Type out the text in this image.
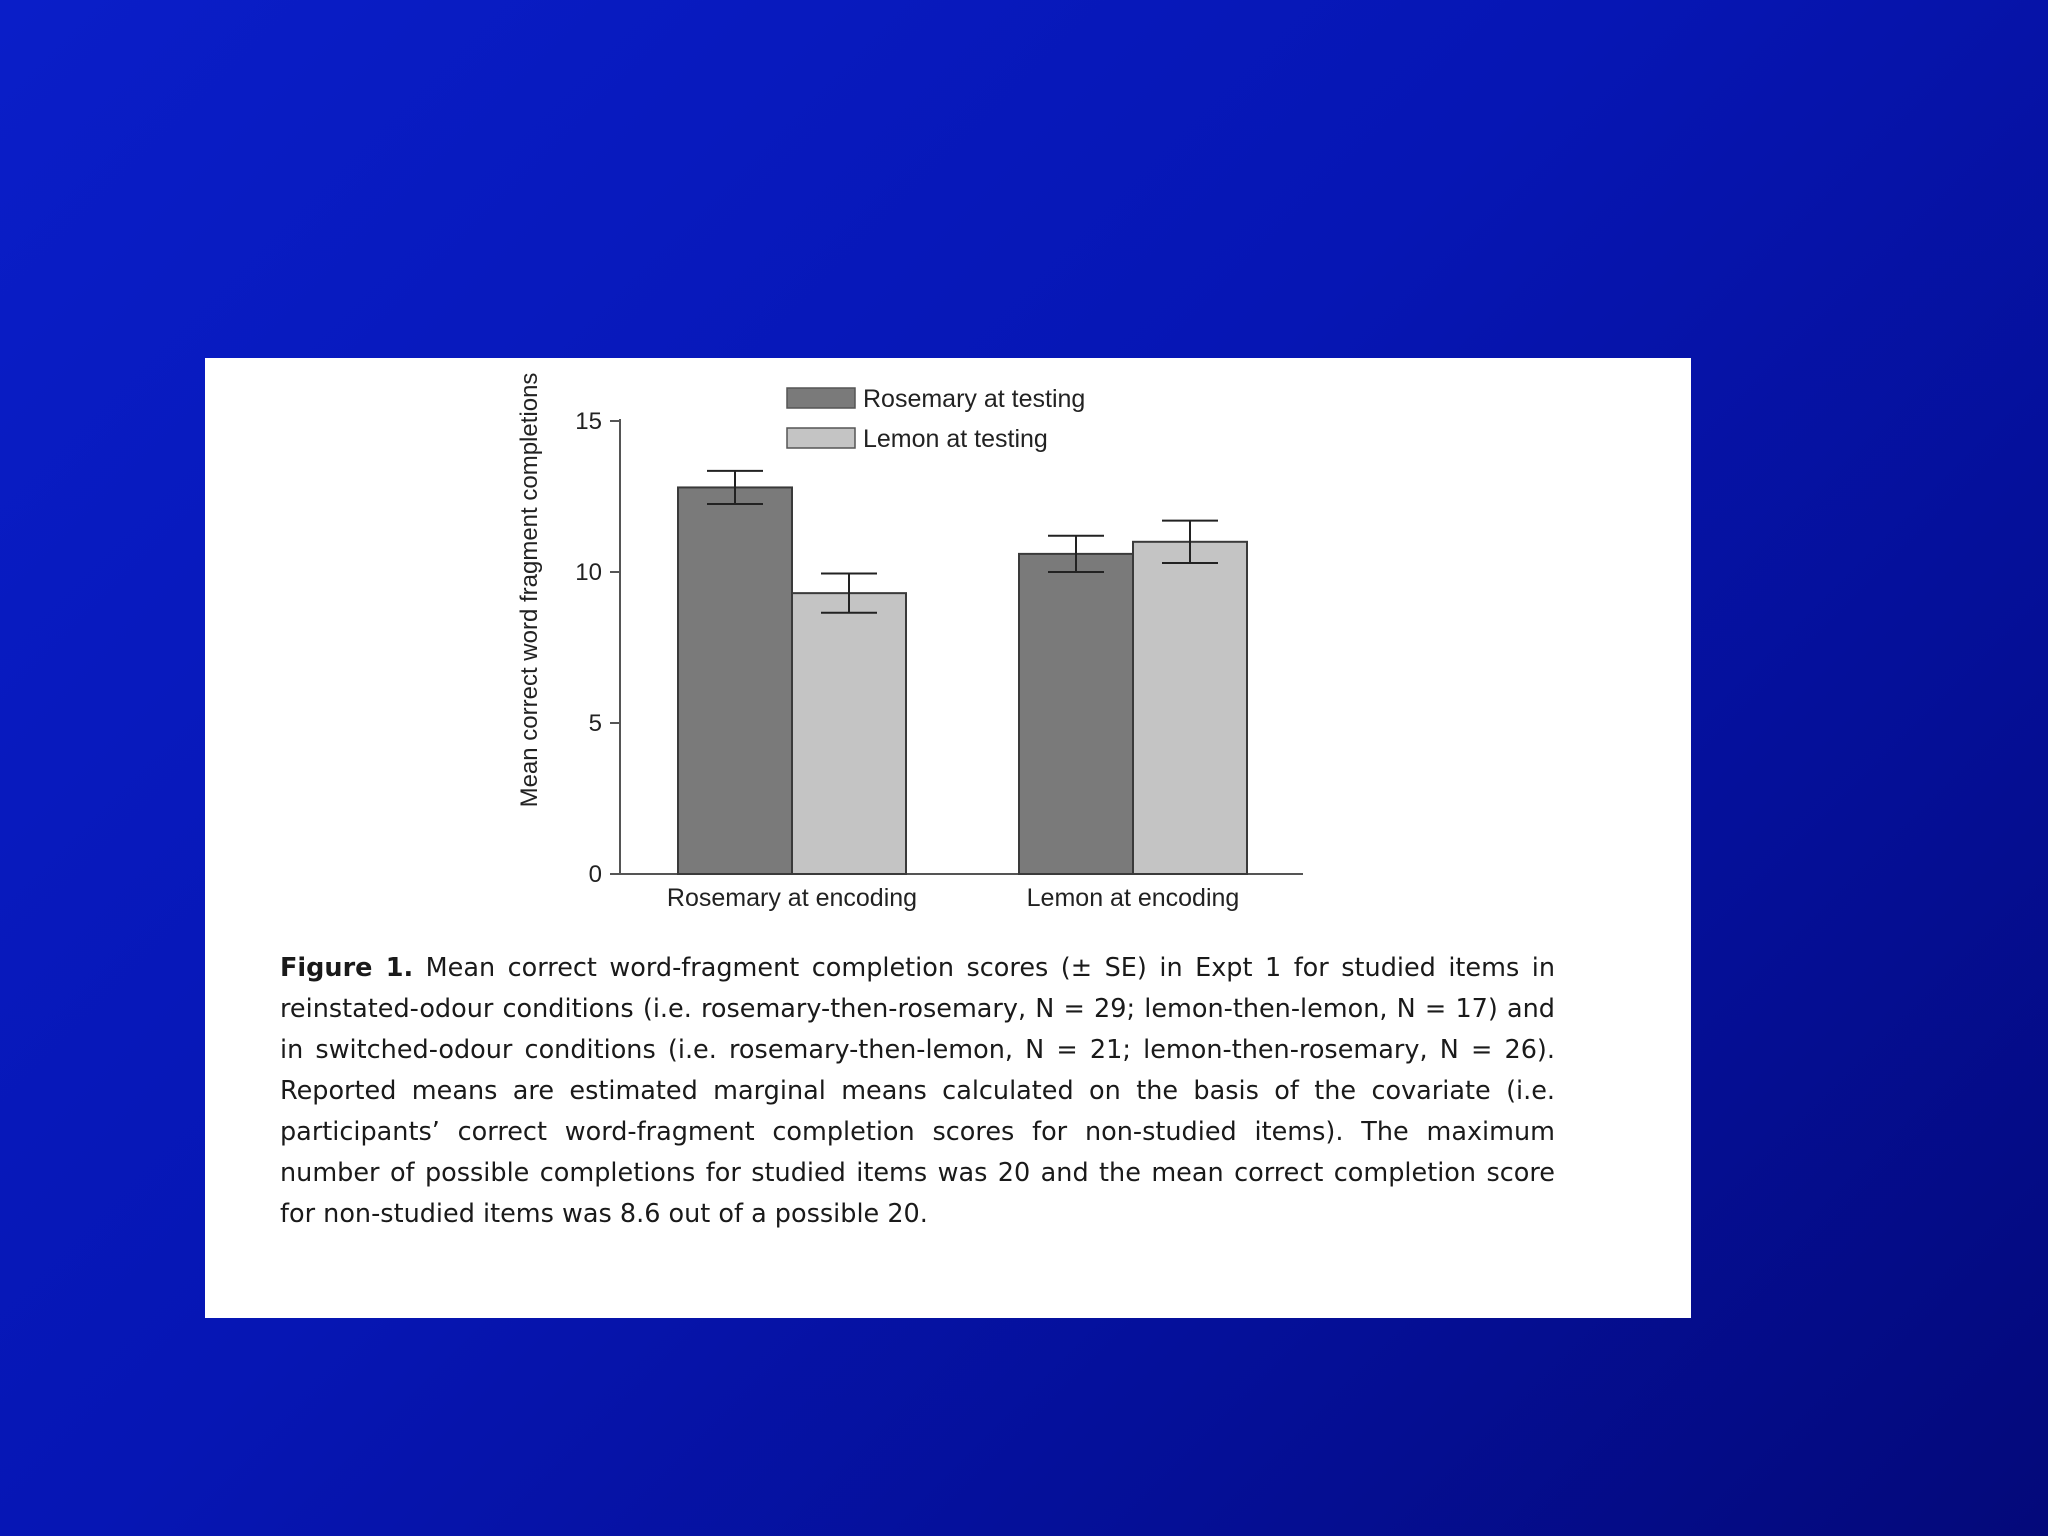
0
5
10
15
Rosemary at encoding	Lemon at encoding
Rosemary at testing
Lemon at testing
Mean correct word fragment completions
Figure 1. Mean correct word-fragment completion scores (± SE) in Expt 1 for studied items in reinstated-odour conditions (i.e. rosemary-then-rosemary, N = 29; lemon-then-lemon, N = 17) and in switched-odour conditions (i.e. rosemary-then-lemon, N = 21; lemon-then-rosemary, N = 26). Reported means are estimated marginal means calculated on the basis of the covariate (i.e. participants’ correct word-fragment completion scores for non-studied items). The maximum number of possible completions for studied items was 20 and the mean correct completion score for non-studied items was 8.6 out of a possible 20.
